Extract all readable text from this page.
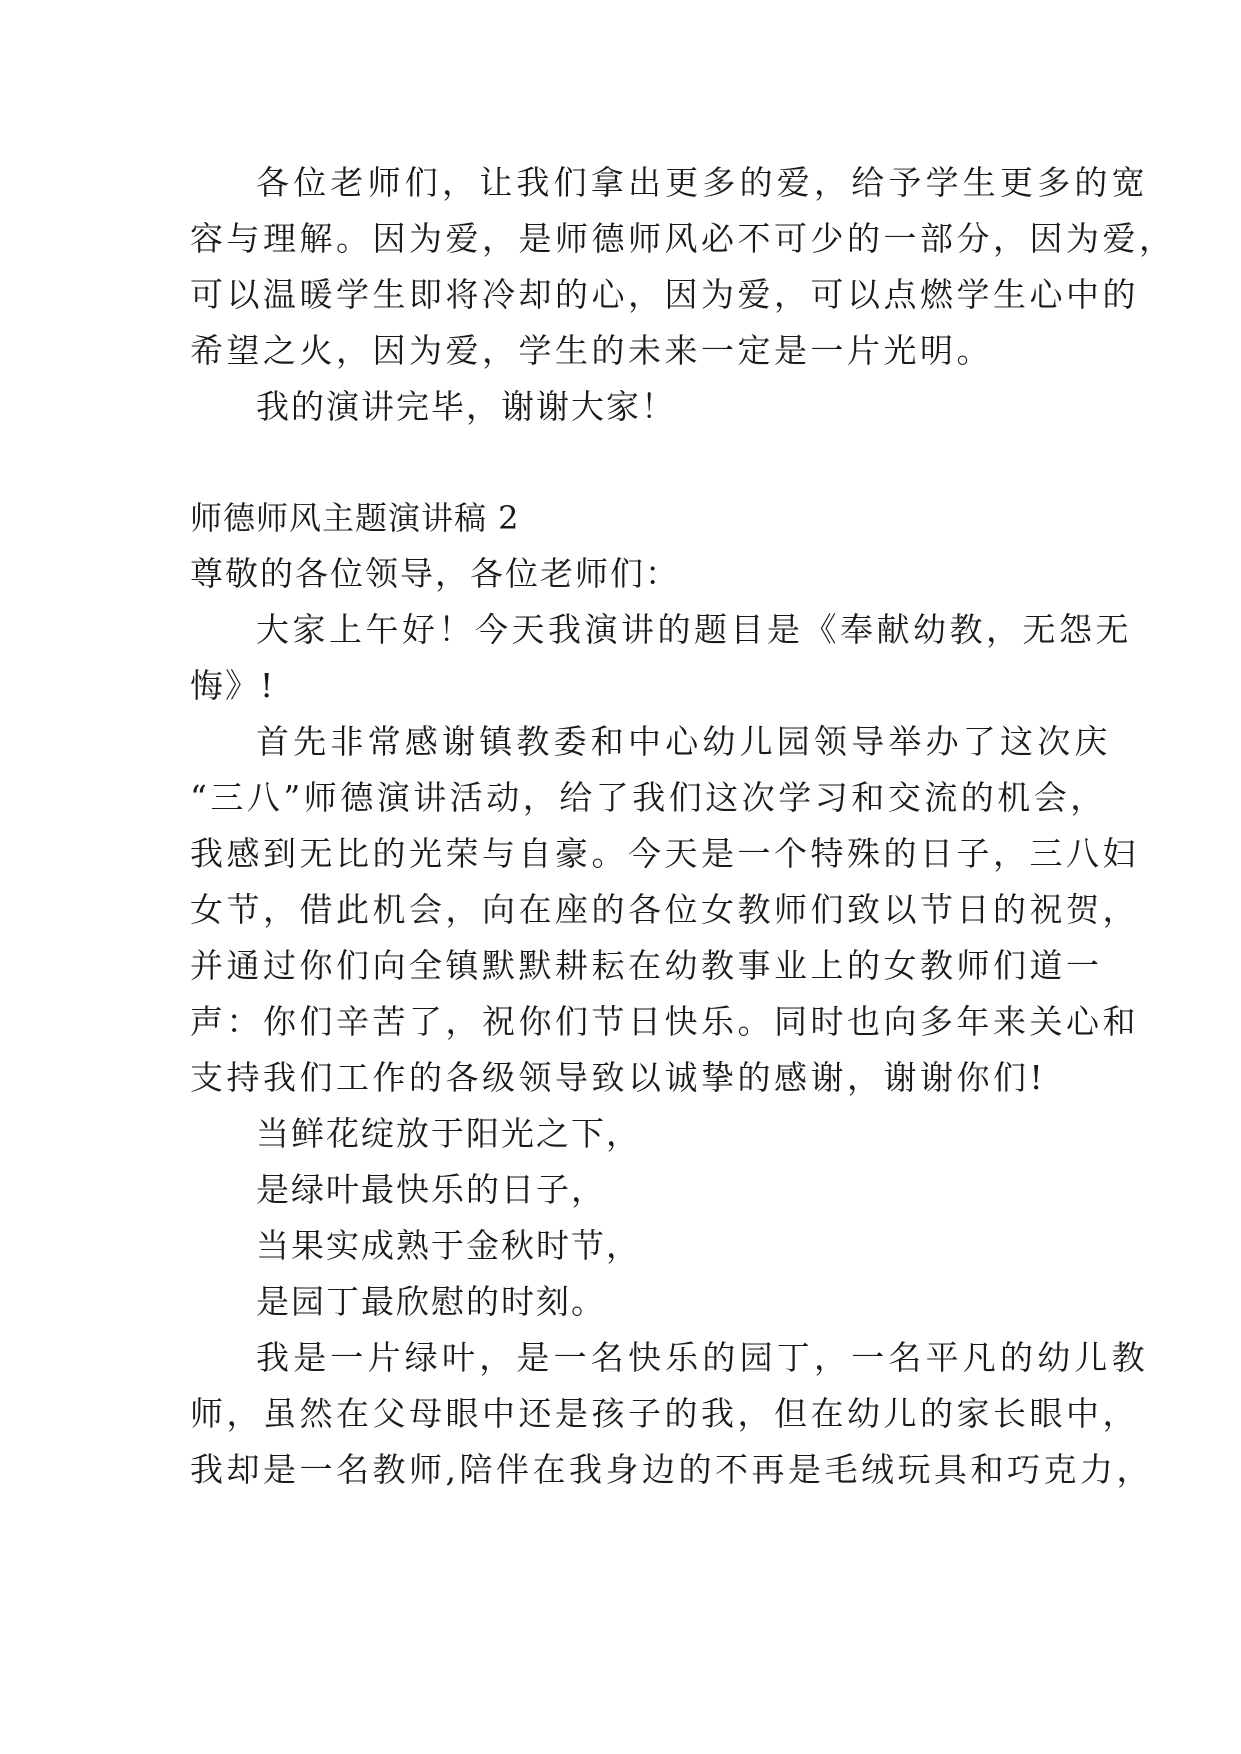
各位老师们，让我们拿出更多的爱，给予学生更多的宽
容与理解。因为爱，是师德师风必不可少的一部分，因为爱，
可以温暖学生即将冷却的心，因为爱，可以点燃学生心中的
希望之火，因为爱，学生的未来一定是一片光明。
我的演讲完毕，谢谢大家！
师德师风主题演讲稿 2
尊敬的各位领导，各位老师们：
大家上午好！今天我演讲的题目是《奉献幼教，无怨无
悔》!
首先非常感谢镇教委和中心幼儿园领导举办了这次庆
“三八”师德演讲活动，给了我们这次学习和交流的机会，
我感到无比的光荣与自豪。今天是一个特殊的日子，三八妇
女节，借此机会，向在座的各位女教师们致以节日的祝贺，
并通过你们向全镇默默耕耘在幼教事业上的女教师们道一
声：你们辛苦了，祝你们节日快乐。同时也向多年来关心和
支持我们工作的各级领导致以诚挚的感谢，谢谢你们!
当鲜花绽放于阳光之下，
是绿叶最快乐的日子，
当果实成熟于金秋时节，
是园丁最欣慰的时刻。
我是一片绿叶，是一名快乐的园丁，一名平凡的幼儿教
师，虽然在父母眼中还是孩子的我，但在幼儿的家长眼中，
我却是一名教师,陪伴在我身边的不再是毛绒玩具和巧克力，
